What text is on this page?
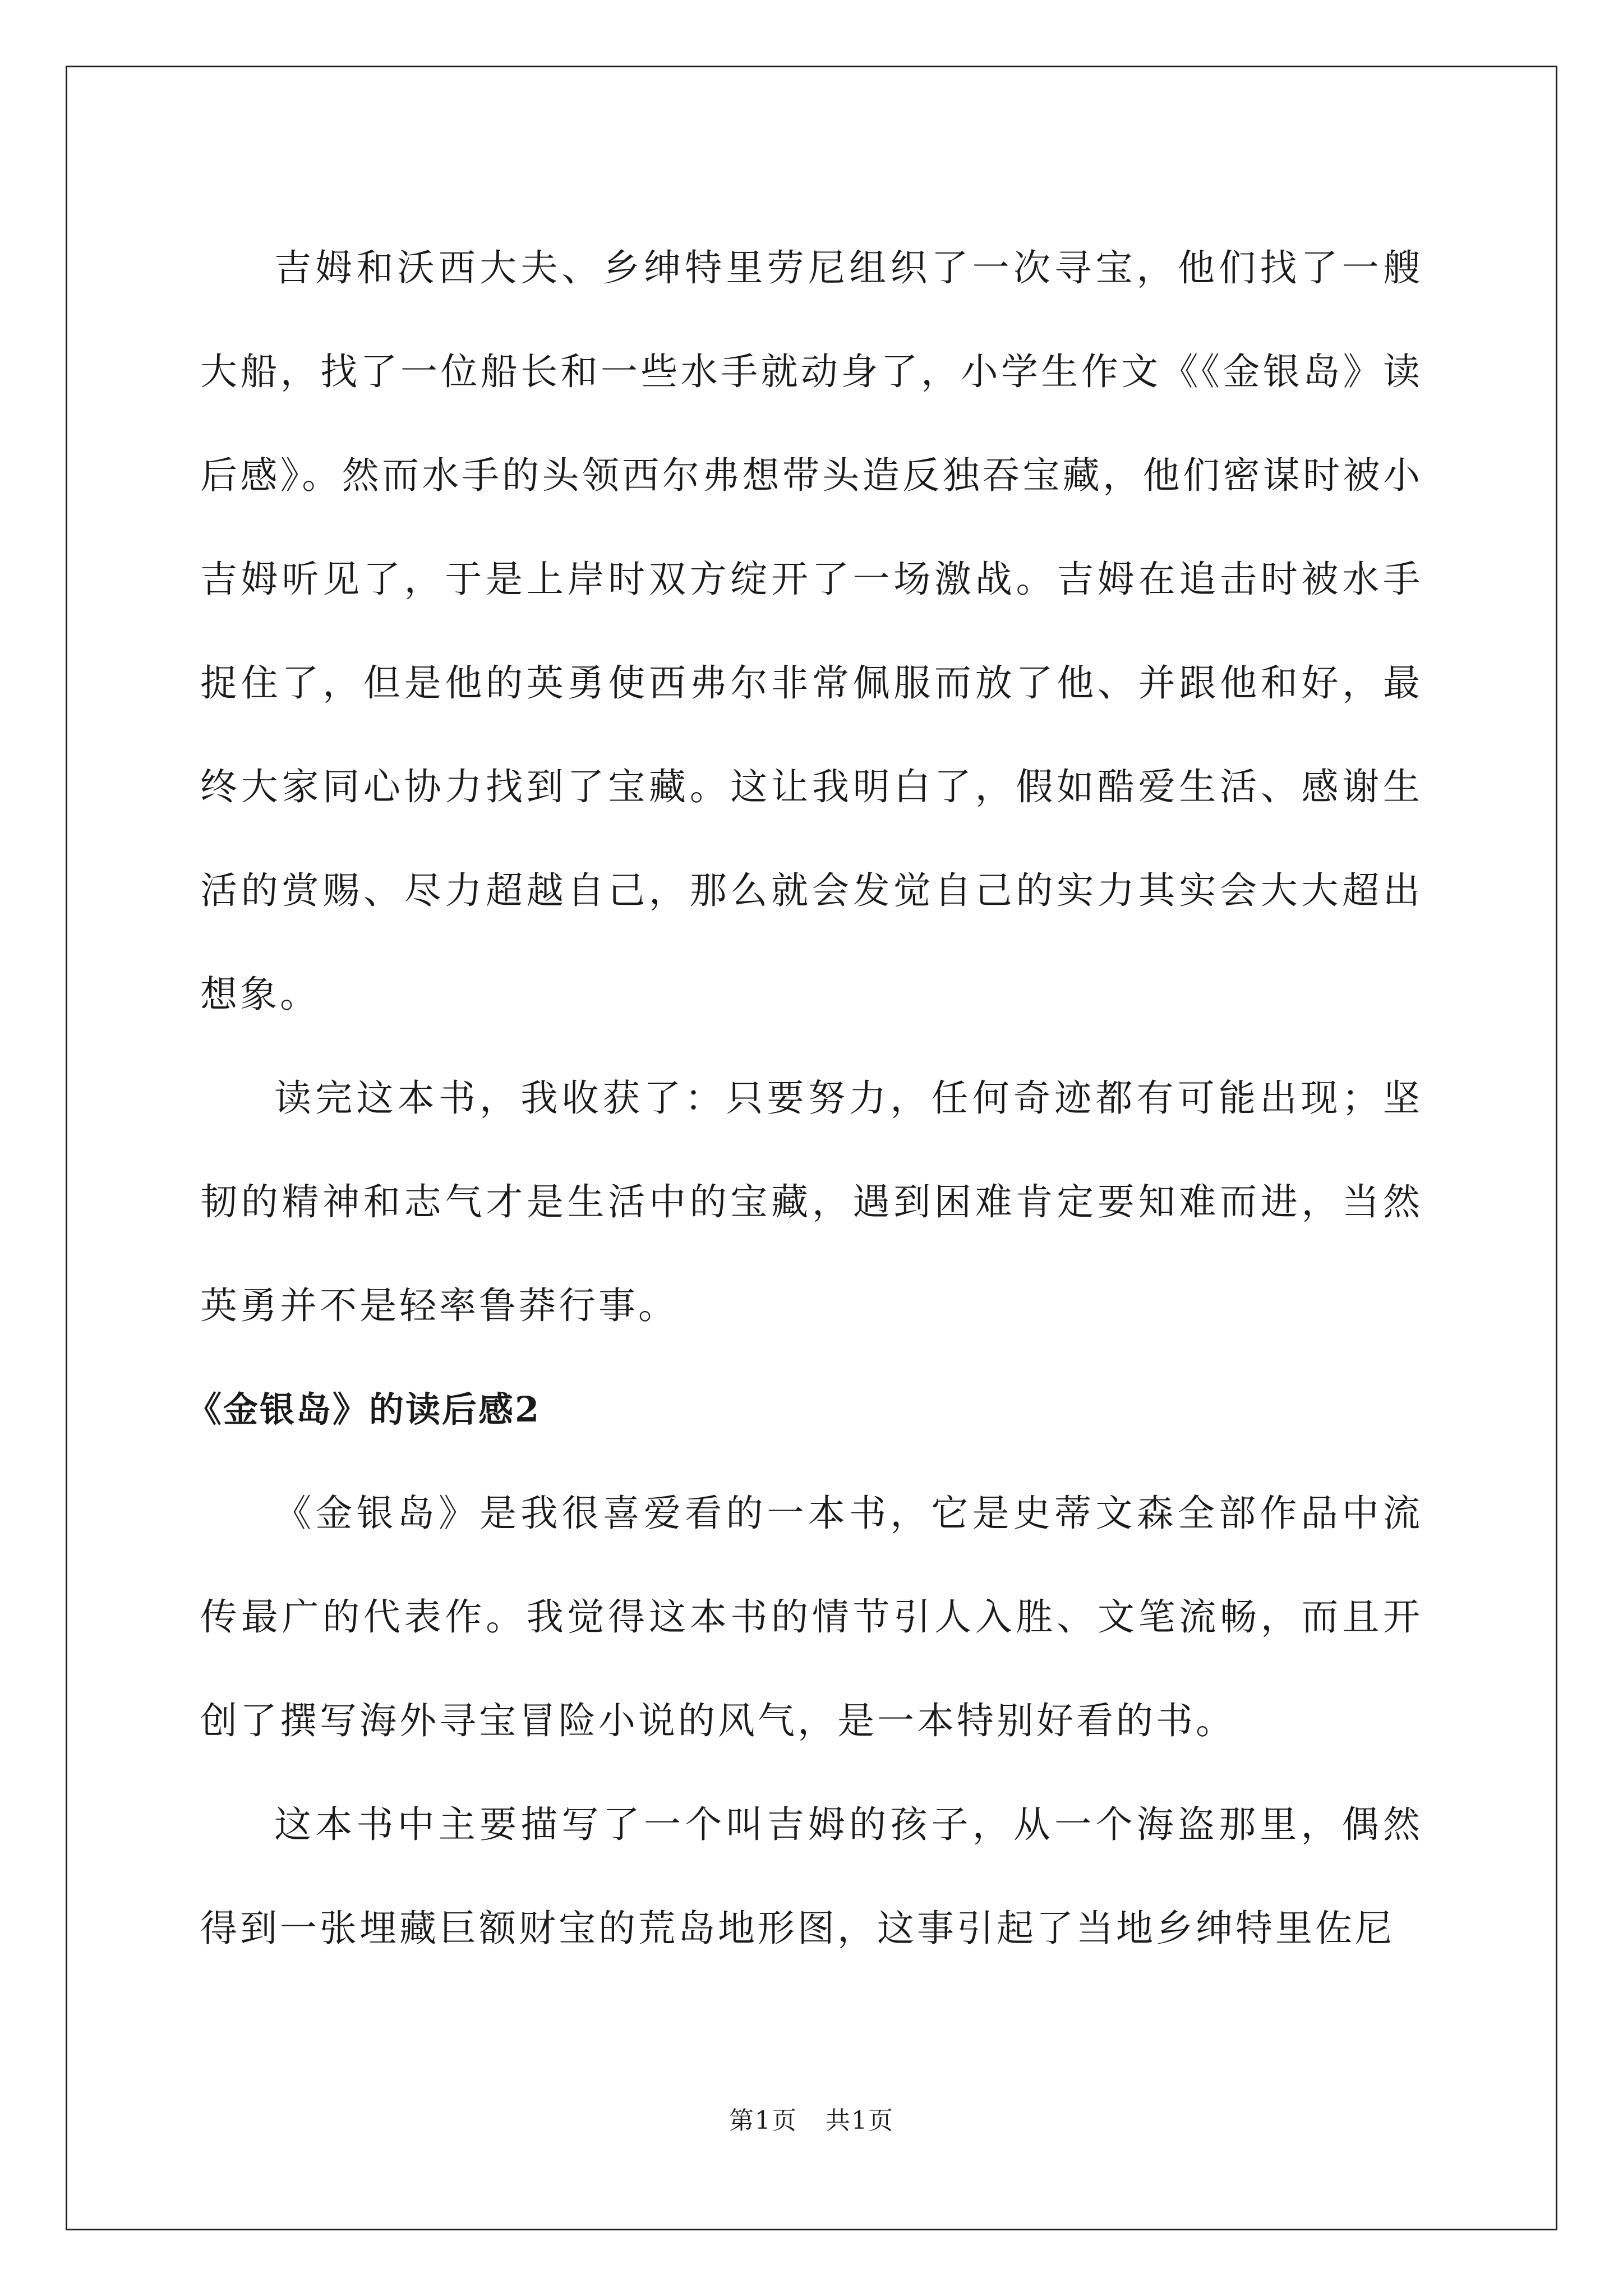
吉姆和沃西大夫、乡绅特里劳尼组织了一次寻宝，他们找了一艘大船，找了一位船长和一些水手就动身了，小学生作文《《金银岛》读后感》。然而水手的头领西尔弗想带头造反独吞宝藏，他们密谋时被小吉姆听见了，于是上岸时双方绽开了一场激战。吉姆在追击时被水手捉住了，但是他的英勇使西弗尔非常佩服而放了他、并跟他和好，最终大家同心协力找到了宝藏。这让我明白了，假如酷爱生活、感谢生活的赏赐、尽力超越自己，那么就会发觉自己的实力其实会大大超出想象。

读完这本书，我收获了：只要努力，任何奇迹都有可能出现；坚韧的精神和志气才是生活中的宝藏，遇到困难肯定要知难而进，当然英勇并不是轻率鲁莽行事。

《金银岛》的读后感2

《金银岛》是我很喜爱看的一本书，它是史蒂文森全部作品中流传最广的代表作。我觉得这本书的情节引人入胜、文笔流畅，而且开创了撰写海外寻宝冒险小说的风气，是一本特别好看的书。

这本书中主要描写了一个叫吉姆的孩子，从一个海盗那里，偶然得到一张埋藏巨额财宝的荒岛地形图，这事引起了当地乡绅特里佐尼

第1页 共1页
